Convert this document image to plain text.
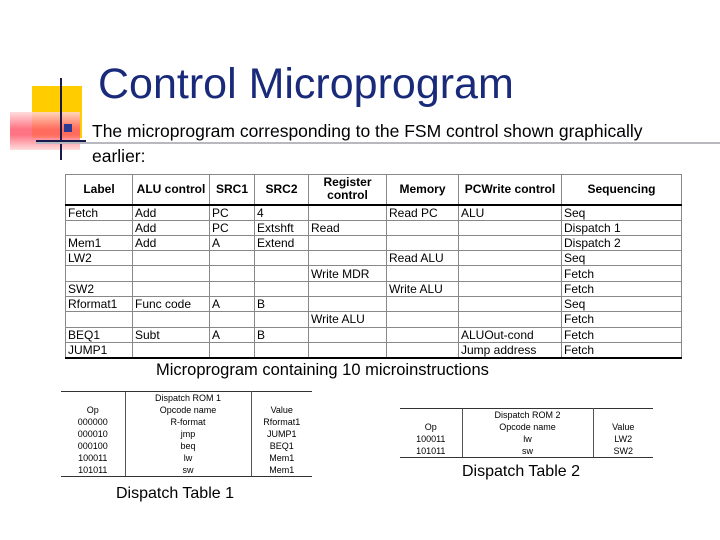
Control Microprogram
The microprogram corresponding to the FSM control shown graphically earlier:
Label	ALU control	SRC1	SRC2	Register control	Memory	PCWrite control	Sequencing
Fetch	Add	PC	4		Read PC	ALU	Seq
	Add	PC	Extshft	Read			Dispatch 1
Mem1	Add	A	Extend				Dispatch 2
LW2					Read ALU		Seq
				Write MDR			Fetch
SW2					Write ALU		Fetch
Rformat1	Func code	A	B				Seq
				Write ALU			Fetch
BEQ1	Subt	A	B			ALUOut-cond	Fetch
JUMP1						Jump address	Fetch
Microprogram containing 10 microinstructions
	Dispatch ROM 1	
Op	Opcode name	Value
000000	R-format	Rformat1
000010	jmp	JUMP1
000100	beq	BEQ1
100011	lw	Mem1
101011	sw	Mem1
Dispatch Table 1
	Dispatch ROM 2	
Op	Opcode name	Value
100011	lw	LW2
101011	sw	SW2
Dispatch Table 2
